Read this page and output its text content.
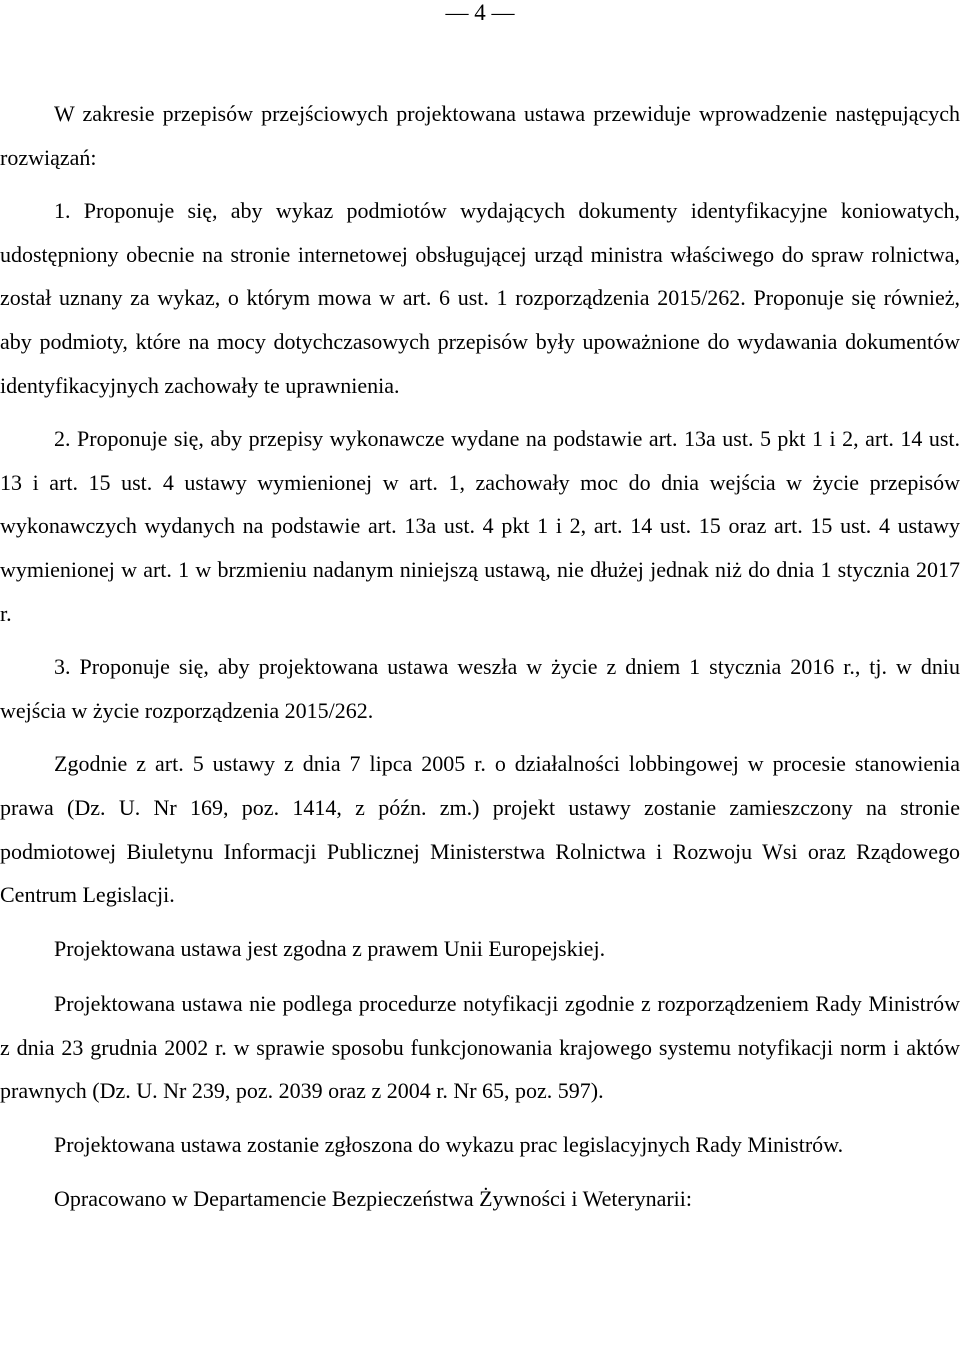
— 4 —

W zakresie przepisów przejściowych projektowana ustawa przewiduje wprowadzenie następujących rozwiązań:

1. Proponuje się, aby wykaz podmiotów wydających dokumenty identyfikacyjne koniowatych, udostępniony obecnie na stronie internetowej obsługującej urząd ministra właściwego do spraw rolnictwa, został uznany za wykaz, o którym mowa w art. 6 ust. 1 rozporządzenia 2015/262. Proponuje się również, aby podmioty, które na mocy dotychczasowych przepisów były upoważnione do wydawania dokumentów identyfikacyjnych zachowały te uprawnienia.

2. Proponuje się, aby przepisy wykonawcze wydane na podstawie art. 13a ust. 5 pkt 1 i 2, art. 14 ust. 13 i art. 15 ust. 4 ustawy wymienionej w art. 1, zachowały moc do dnia wejścia w życie przepisów wykonawczych wydanych na podstawie art. 13a ust. 4 pkt 1 i 2, art. 14 ust. 15 oraz art. 15 ust. 4 ustawy wymienionej w art. 1 w brzmieniu nadanym niniejszą ustawą, nie dłużej jednak niż do dnia 1 stycznia 2017 r.

3. Proponuje się, aby projektowana ustawa weszła w życie z dniem 1 stycznia 2016 r., tj. w dniu wejścia w życie rozporządzenia 2015/262.

Zgodnie z art. 5 ustawy z dnia 7 lipca 2005 r. o działalności lobbingowej w procesie stanowienia prawa (Dz. U. Nr 169, poz. 1414, z późn. zm.) projekt ustawy zostanie zamieszczony na stronie podmiotowej Biuletynu Informacji Publicznej Ministerstwa Rolnictwa i Rozwoju Wsi oraz Rządowego Centrum Legislacji.

Projektowana ustawa jest zgodna z prawem Unii Europejskiej.

Projektowana ustawa nie podlega procedurze notyfikacji zgodnie z rozporządzeniem Rady Ministrów z dnia 23 grudnia 2002 r. w sprawie sposobu funkcjonowania krajowego systemu notyfikacji norm i aktów prawnych (Dz. U. Nr 239, poz. 2039 oraz z 2004 r. Nr 65, poz. 597).

Projektowana ustawa zostanie zgłoszona do wykazu prac legislacyjnych Rady Ministrów.

Opracowano w Departamencie Bezpieczeństwa Żywności i Weterynarii:
